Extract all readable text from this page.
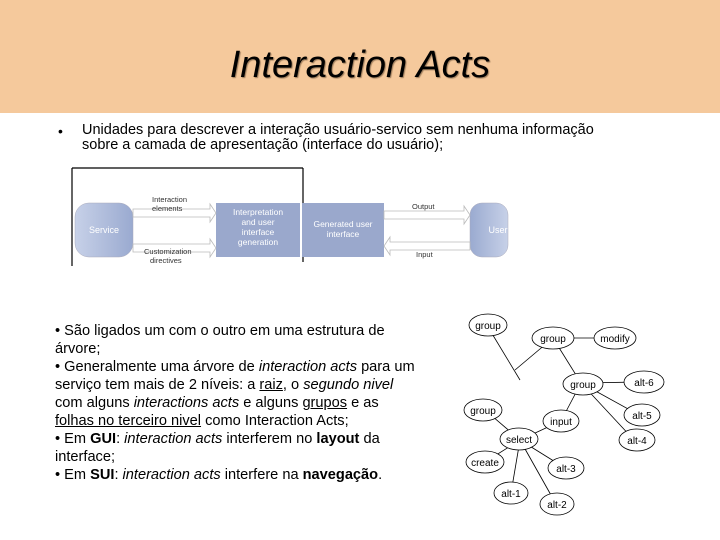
Interaction Acts
• Unidades para descrever a interação usuário-servico sem nenhuma informação
sobre a camada de apresentação (interface do usuário);
Service	User
Interpretation
and user
interface
generation
Generated user
interface
Interaction
elements
Customization
directives
Output
Input
• São ligados um com o outro em uma estrutura de
árvore;
• Generalmente uma árvore de interaction acts para um
serviço tem mais de 2 níveis: a raiz, o segundo nivel
com alguns interactions acts e alguns grupos e as
folhas no terceiro nivel como Interaction Acts;
• Em GUI: interaction acts interferem no layout da
interface;
• Em SUI: interaction acts interfere na navegação.
group
group	modify
group	alt-6
group
input
alt-5
select	alt-4
create
alt-3
alt-1
alt-2
